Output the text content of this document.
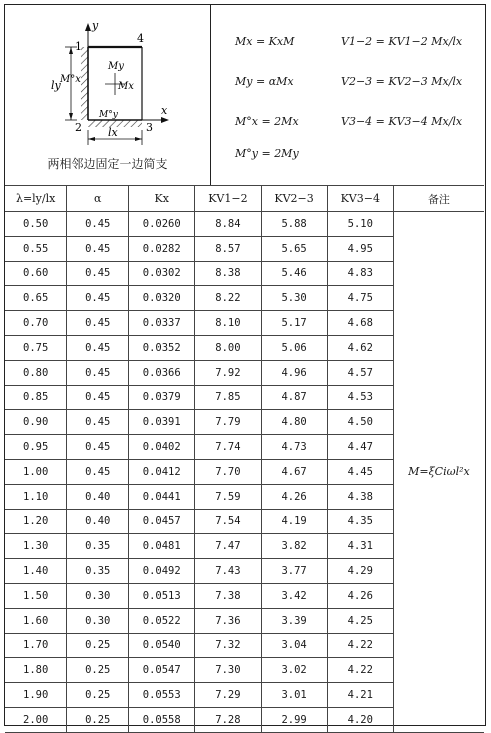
1
2	3
4
y
x
M°x
My
Mx
M°y
ly
lx
两相邻边固定一边简支
Mx = KxM
My = αMx
M°x = 2Mx
M°y = 2My
V1−2 = KV1−2 Mx/lx
V2−3 = KV2−3 Mx/lx
V3−4 = KV3−4 Mx/lx
λ=ly/lx	α	Kx	KV1−2	KV2−3	KV3−4	备注
0.50	0.45	0.0260	8.84	5.88	5.10	M=ξCiωl²x
0.55	0.45	0.0282	8.57	5.65	4.95	
0.60	0.45	0.0302	8.38	5.46	4.83	
0.65	0.45	0.0320	8.22	5.30	4.75	
0.70	0.45	0.0337	8.10	5.17	4.68	
0.75	0.45	0.0352	8.00	5.06	4.62	
0.80	0.45	0.0366	7.92	4.96	4.57	
0.85	0.45	0.0379	7.85	4.87	4.53	
0.90	0.45	0.0391	7.79	4.80	4.50	
0.95	0.45	0.0402	7.74	4.73	4.47	
1.00	0.45	0.0412	7.70	4.67	4.45	
1.10	0.40	0.0441	7.59	4.26	4.38	
1.20	0.40	0.0457	7.54	4.19	4.35	
1.30	0.35	0.0481	7.47	3.82	4.31	
1.40	0.35	0.0492	7.43	3.77	4.29	
1.50	0.30	0.0513	7.38	3.42	4.26	
1.60	0.30	0.0522	7.36	3.39	4.25	
1.70	0.25	0.0540	7.32	3.04	4.22	
1.80	0.25	0.0547	7.30	3.02	4.22	
1.90	0.25	0.0553	7.29	3.01	4.21	
2.00	0.25	0.0558	7.28	2.99	4.20	
